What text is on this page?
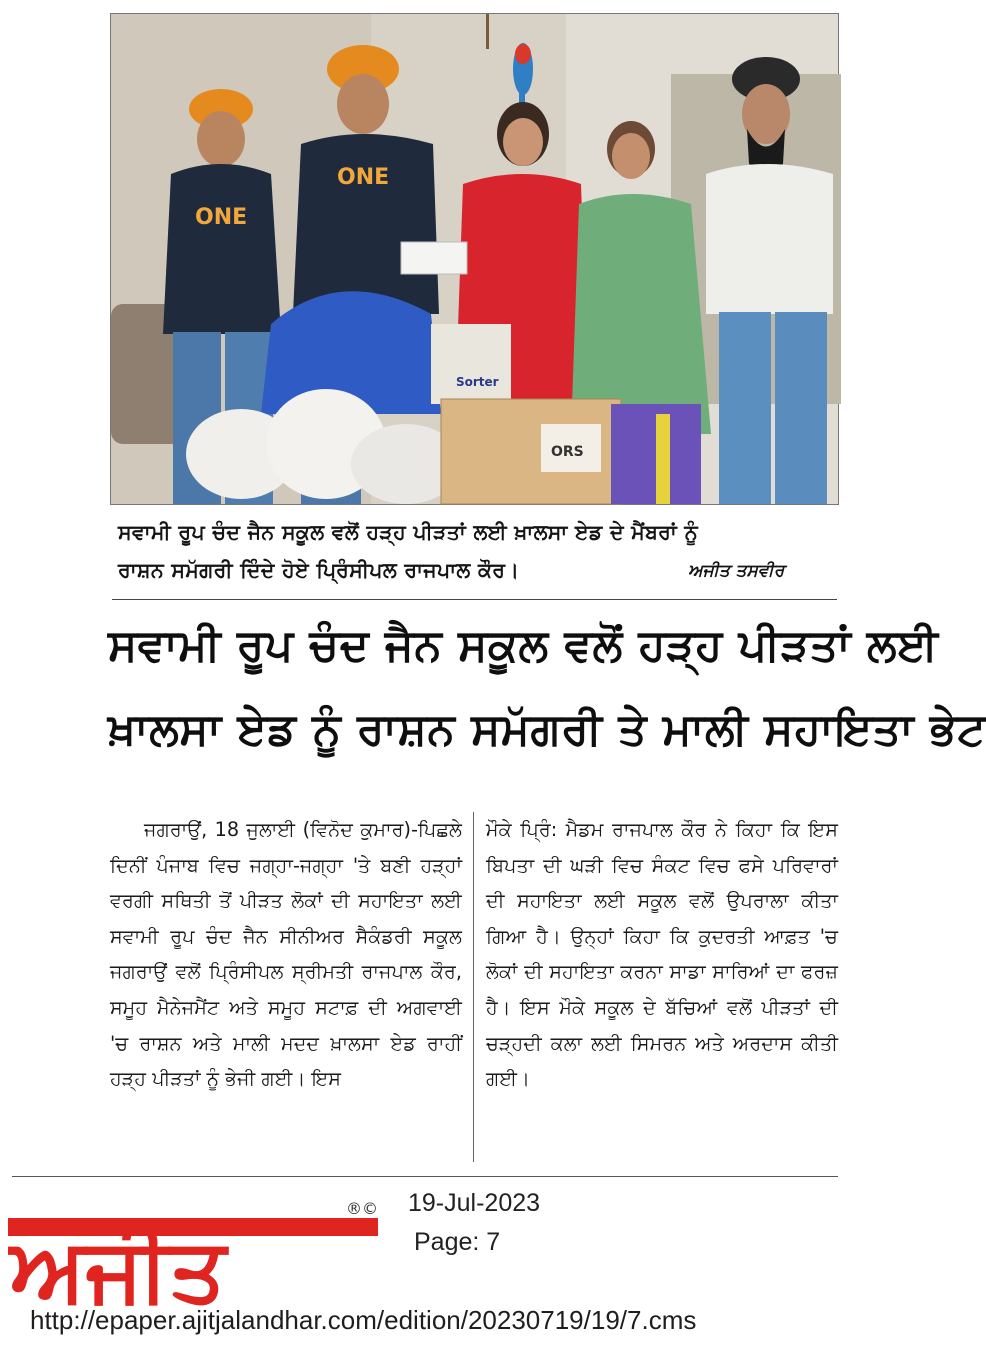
ONE
ONE
Sorter
ORS
ਸਵਾਮੀ ਰੂਪ ਚੰਦ ਜੈਨ ਸਕੂਲ ਵਲੋਂ ਹੜ੍ਹ ਪੀੜਤਾਂ ਲਈ ਖ਼ਾਲਸਾ ਏਡ ਦੇ ਮੈਂਬਰਾਂ ਨੂੰ
ਰਾਸ਼ਨ ਸਮੱਗਰੀ ਦਿੰਦੇ ਹੋਏ ਪ੍ਰਿੰਸੀਪਲ ਰਾਜਪਾਲ ਕੌਰ।	ਅਜੀਤ ਤਸਵੀਰ
ਸਵਾਮੀ ਰੂਪ ਚੰਦ ਜੈਨ ਸਕੂਲ ਵਲੋਂ ਹੜ੍ਹ ਪੀੜਤਾਂ ਲਈ
ਖ਼ਾਲਸਾ ਏਡ ਨੂੰ ਰਾਸ਼ਨ ਸਮੱਗਰੀ ਤੇ ਮਾਲੀ ਸਹਾਇਤਾ ਭੇਟ
ਜਗਰਾਉਂ, 18 ਜੁਲਾਈ (ਵਿਨੋਦ ਕੁਮਾਰ)-ਪਿਛਲੇ ਦਿਨੀਂ ਪੰਜਾਬ ਵਿਚ ਜਗ੍ਹਾ-ਜਗ੍ਹਾ 'ਤੇ ਬਣੀ ਹੜ੍ਹਾਂ ਵਰਗੀ ਸਥਿਤੀ ਤੋਂ ਪੀੜਤ ਲੋਕਾਂ ਦੀ ਸਹਾਇਤਾ ਲਈ ਸਵਾਮੀ ਰੂਪ ਚੰਦ ਜੈਨ ਸੀਨੀਅਰ ਸੈਕੰਡਰੀ ਸਕੂਲ ਜਗਰਾਉਂ ਵਲੋਂ ਪ੍ਰਿੰਸੀਪਲ ਸ੍ਰੀਮਤੀ ਰਾਜਪਾਲ ਕੌਰ, ਸਮੂਹ ਮੈਨੇਜਮੈਂਟ ਅਤੇ ਸਮੂਹ ਸਟਾਫ਼ ਦੀ ਅਗਵਾਈ 'ਚ ਰਾਸ਼ਨ ਅਤੇ ਮਾਲੀ ਮਦਦ ਖ਼ਾਲਸਾ ਏਡ ਰਾਹੀਂ ਹੜ੍ਹ ਪੀੜਤਾਂ ਨੂੰ ਭੇਜੀ ਗਈ। ਇਸ
ਮੌਕੇ ਪ੍ਰਿੰ: ਮੈਡਮ ਰਾਜਪਾਲ ਕੌਰ ਨੇ ਕਿਹਾ ਕਿ ਇਸ ਬਿਪਤਾ ਦੀ ਘੜੀ ਵਿਚ ਸੰਕਟ ਵਿਚ ਫਸੇ ਪਰਿਵਾਰਾਂ ਦੀ ਸਹਾਇਤਾ ਲਈ ਸਕੂਲ ਵਲੋਂ ਉਪਰਾਲਾ ਕੀਤਾ ਗਿਆ ਹੈ। ਉਨ੍ਹਾਂ ਕਿਹਾ ਕਿ ਕੁਦਰਤੀ ਆਫ਼ਤ 'ਚ ਲੋਕਾਂ ਦੀ ਸਹਾਇਤਾ ਕਰਨਾ ਸਾਡਾ ਸਾਰਿਆਂ ਦਾ ਫਰਜ਼ ਹੈ। ਇਸ ਮੌਕੇ ਸਕੂਲ ਦੇ ਬੱਚਿਆਂ ਵਲੋਂ ਪੀੜਤਾਂ ਦੀ ਚੜ੍ਹਦੀ ਕਲਾ ਲਈ ਸਿਮਰਨ ਅਤੇ ਅਰਦਾਸ ਕੀਤੀ ਗਈ।
ਅਜੀਤ
®© 19-Jul-2023
Page: 7
http://epaper.ajitjalandhar.com/edition/20230719/19/7.cms
